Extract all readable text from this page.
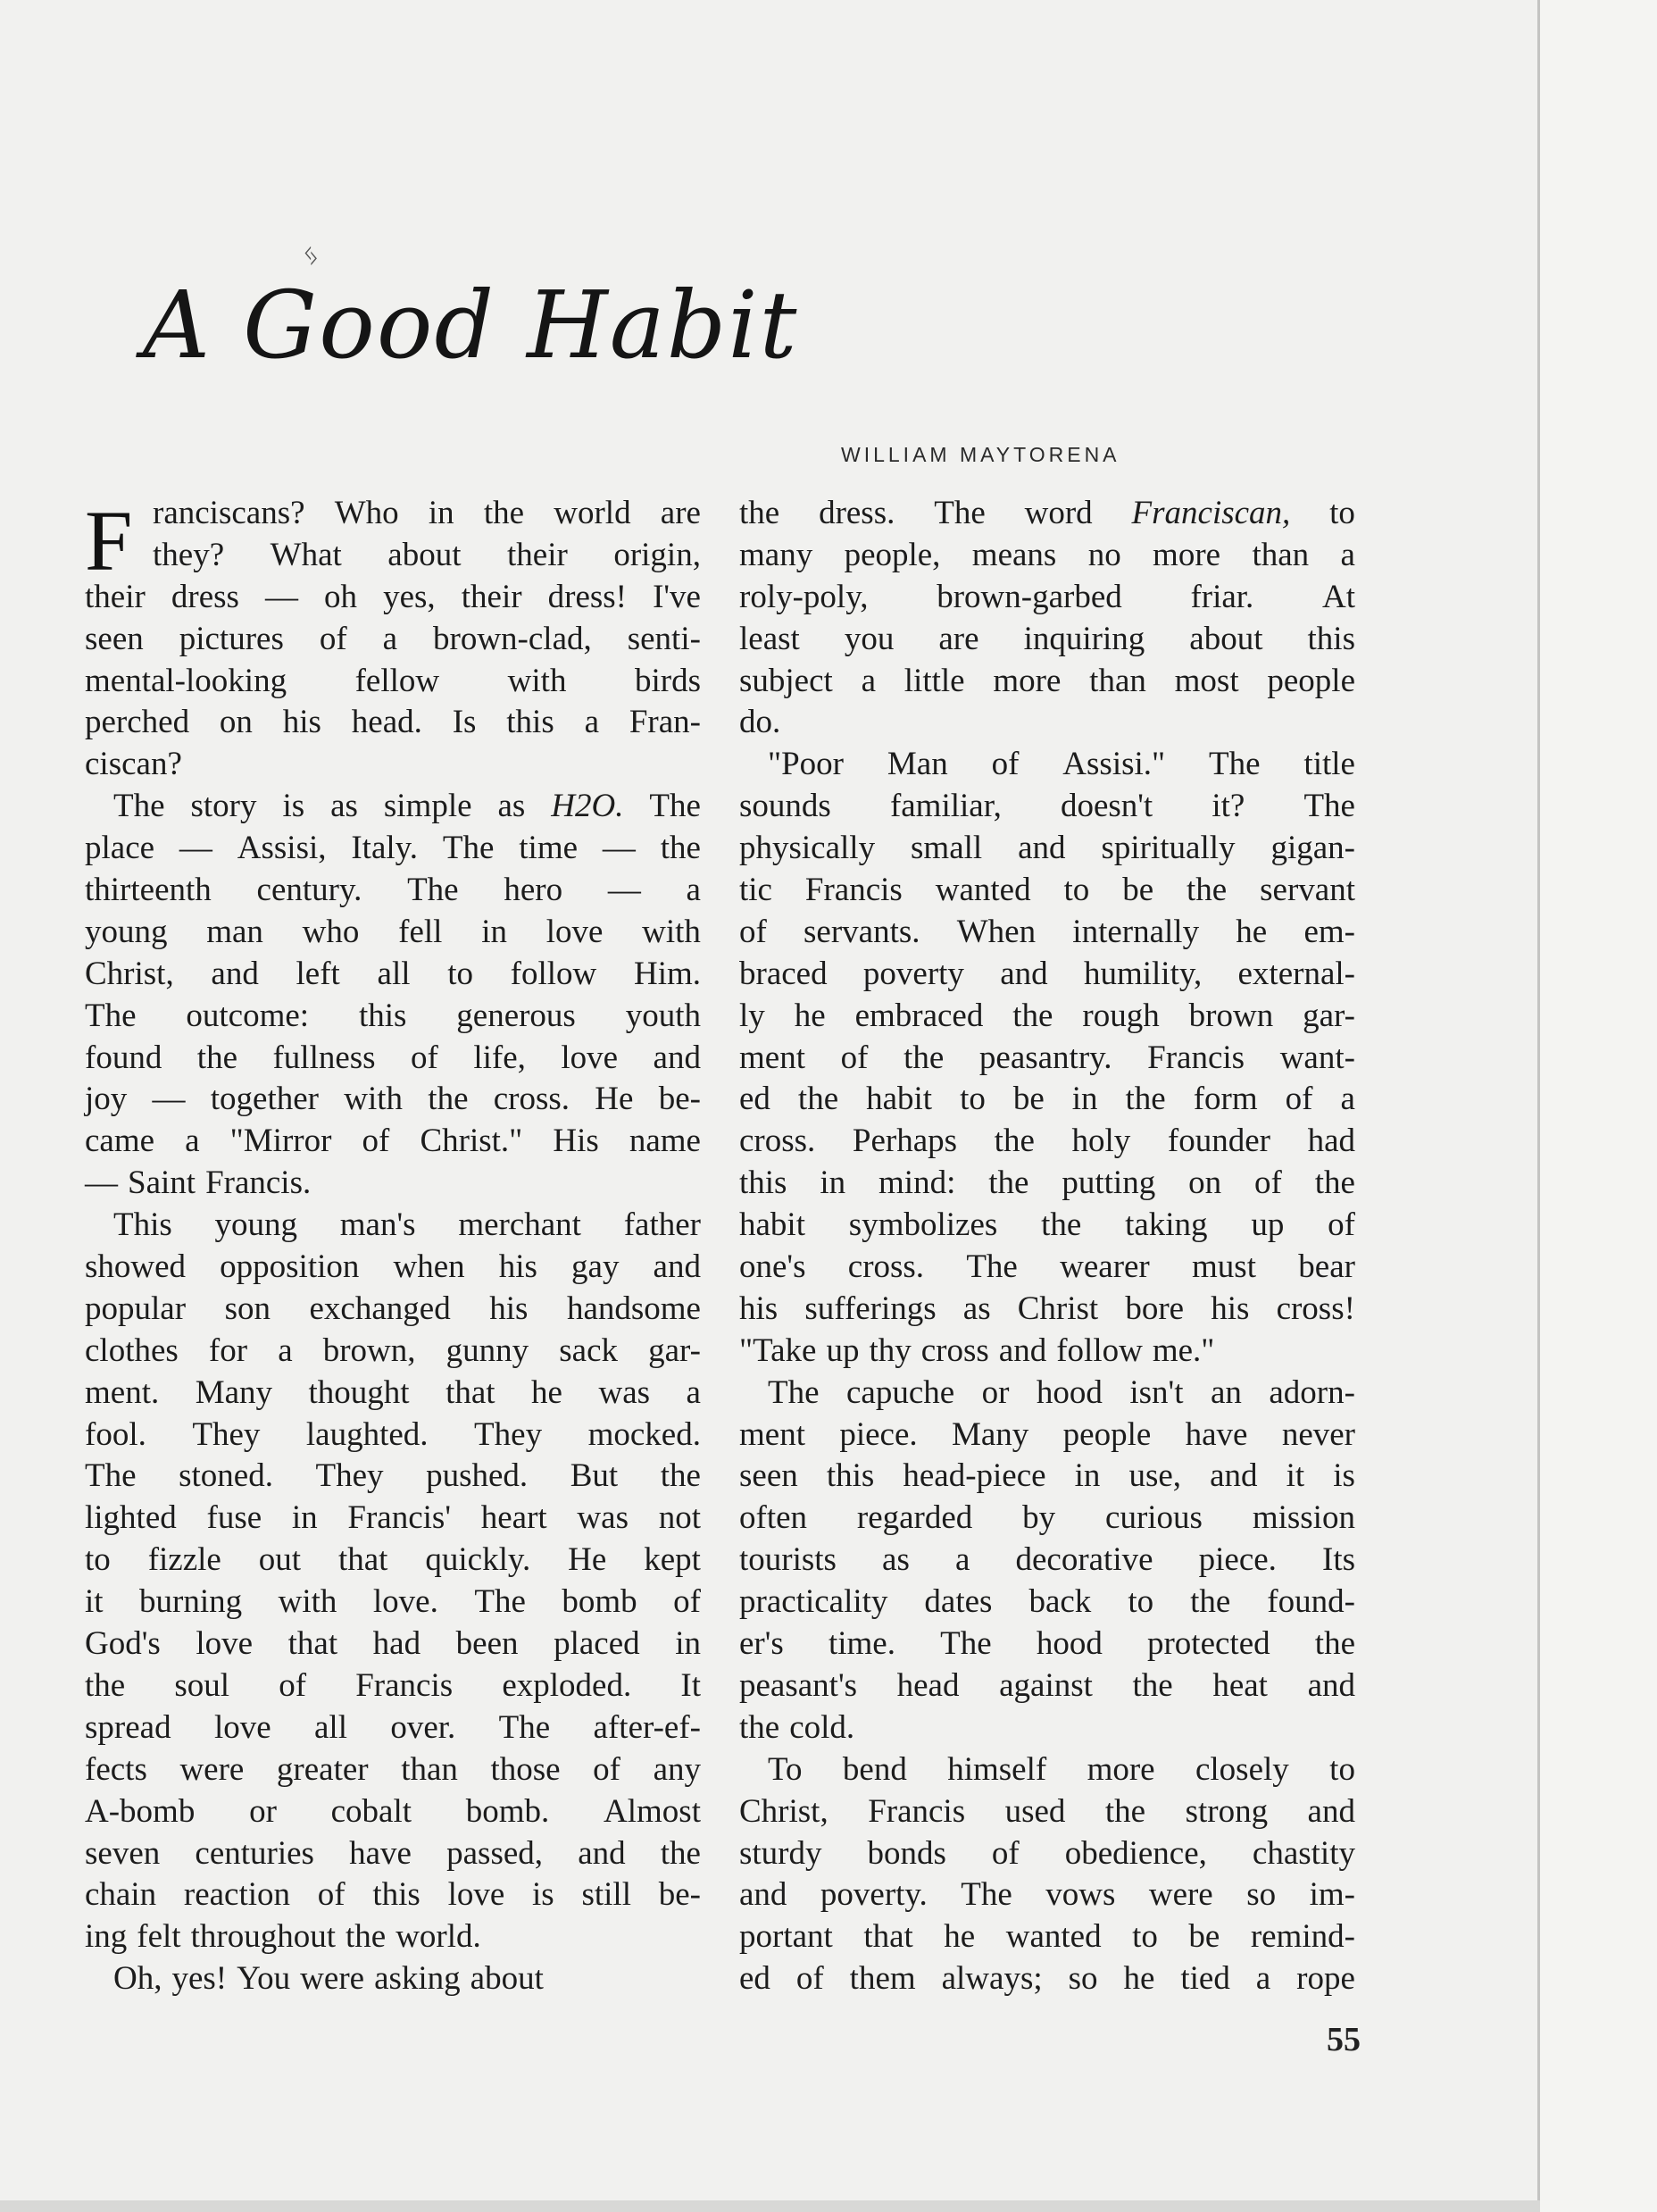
ᛃ
A Good Habit
WILLIAM MAYTORENA
F ranciscans? Who in the world are
they? What about their origin,
their dress — oh yes, their dress! I've
seen pictures of a brown-clad, senti-
mental-looking fellow with birds
perched on his head. Is this a Fran-
ciscan?
The story is as simple as H2O. The
place — Assisi, Italy. The time — the
thirteenth century. The hero — a
young man who fell in love with
Christ, and left all to follow Him.
The outcome: this generous youth
found the fullness of life, love and
joy — together with the cross. He be-
came a "Mirror of Christ." His name
— Saint Francis.
This young man's merchant father
showed opposition when his gay and
popular son exchanged his handsome
clothes for a brown, gunny sack gar-
ment. Many thought that he was a
fool. They laughted. They mocked.
The stoned. They pushed. But the
lighted fuse in Francis' heart was not
to fizzle out that quickly. He kept
it burning with love. The bomb of
God's love that had been placed in
the soul of Francis exploded. It
spread love all over. The after-ef-
fects were greater than those of any
A-bomb or cobalt bomb. Almost
seven centuries have passed, and the
chain reaction of this love is still be-
ing felt throughout the world.
Oh, yes! You were asking about
the dress. The word Franciscan, to
many people, means no more than a
roly-poly, brown-garbed friar. At
least you are inquiring about this
subject a little more than most people
do.
"Poor Man of Assisi." The title
sounds familiar, doesn't it? The
physically small and spiritually gigan-
tic Francis wanted to be the servant
of servants. When internally he em-
braced poverty and humility, external-
ly he embraced the rough brown gar-
ment of the peasantry. Francis want-
ed the habit to be in the form of a
cross. Perhaps the holy founder had
this in mind: the putting on of the
habit symbolizes the taking up of
one's cross. The wearer must bear
his sufferings as Christ bore his cross!
"Take up thy cross and follow me."
The capuche or hood isn't an adorn-
ment piece. Many people have never
seen this head-piece in use, and it is
often regarded by curious mission
tourists as a decorative piece. Its
practicality dates back to the found-
er's time. The hood protected the
peasant's head against the heat and
the cold.
To bend himself more closely to
Christ, Francis used the strong and
sturdy bonds of obedience, chastity
and poverty. The vows were so im-
portant that he wanted to be remind-
ed of them always; so he tied a rope
55
